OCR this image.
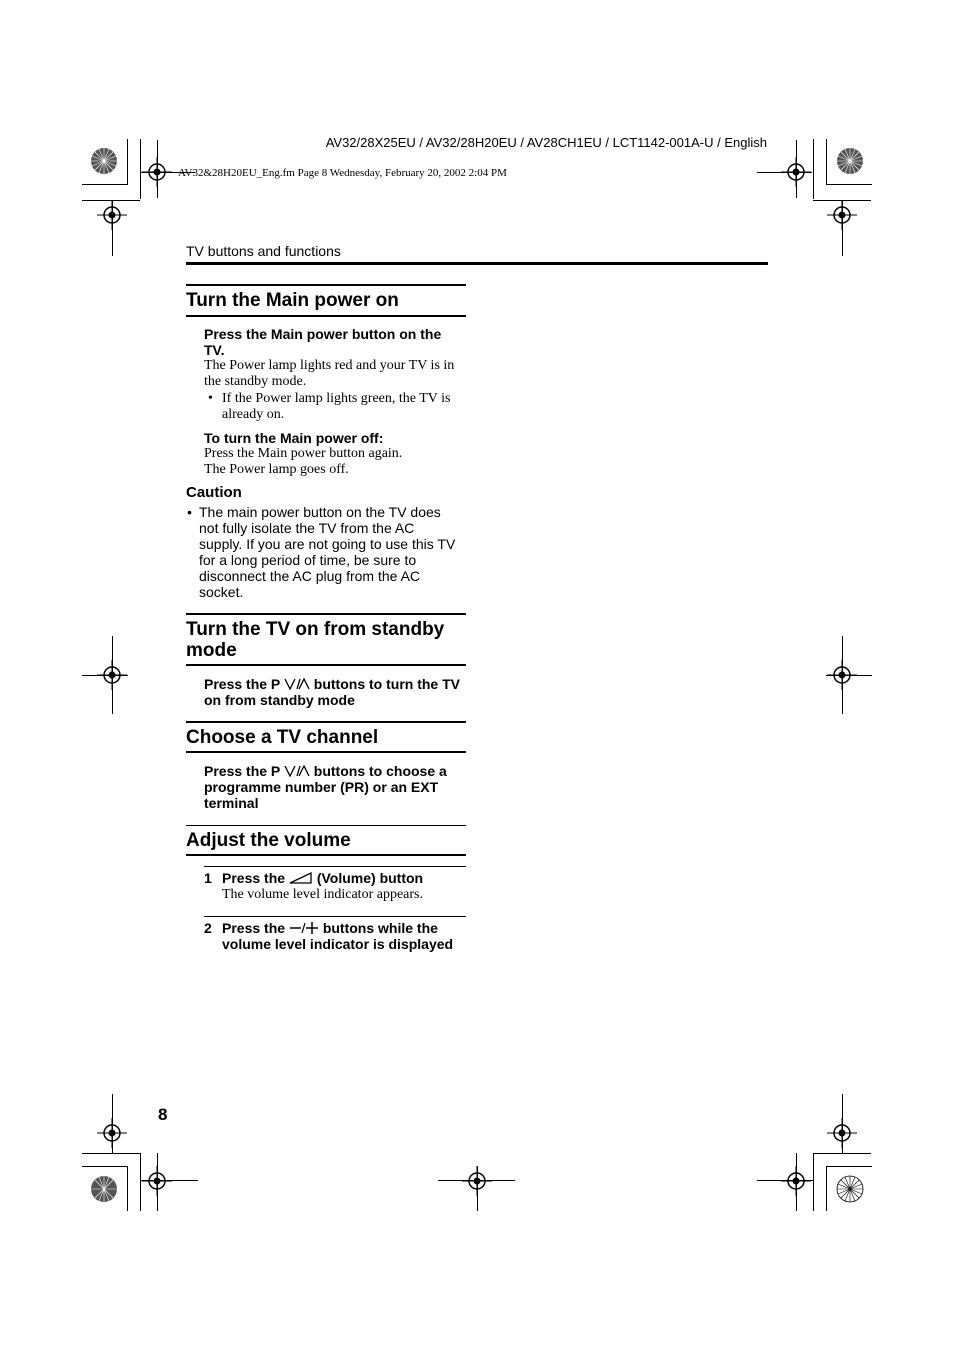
AV32/28X25EU / AV32/28H20EU / AV28CH1EU / LCT1142-001A-U / English
AV32&28H20EU_Eng.fm Page 8 Wednesday, February 20, 2002 2:04 PM
TV buttons and functions
Turn the Main power on
Press the Main power button on the
TV.
The Power lamp lights red and your TV is in
the standby mode.
• If the Power lamp lights green, the TV is
already on.
To turn the Main power off:
Press the Main power button again.
The Power lamp goes off.
Caution
• The main power button on the TV does
not fully isolate the TV from the AC
supply. If you are not going to use this TV
for a long period of time, be sure to
disconnect the AC plug from the AC
socket.
Turn the TV on from standby
mode
Press the P  buttons to turn the TV
on from standby mode
Choose a TV channel
Press the P  buttons to choose a
programme number (PR) or an EXT
terminal
Adjust the volume
1 Press the  (Volume) button
The volume level indicator appears.
2 Press the  buttons while the
volume level indicator is displayed
8
